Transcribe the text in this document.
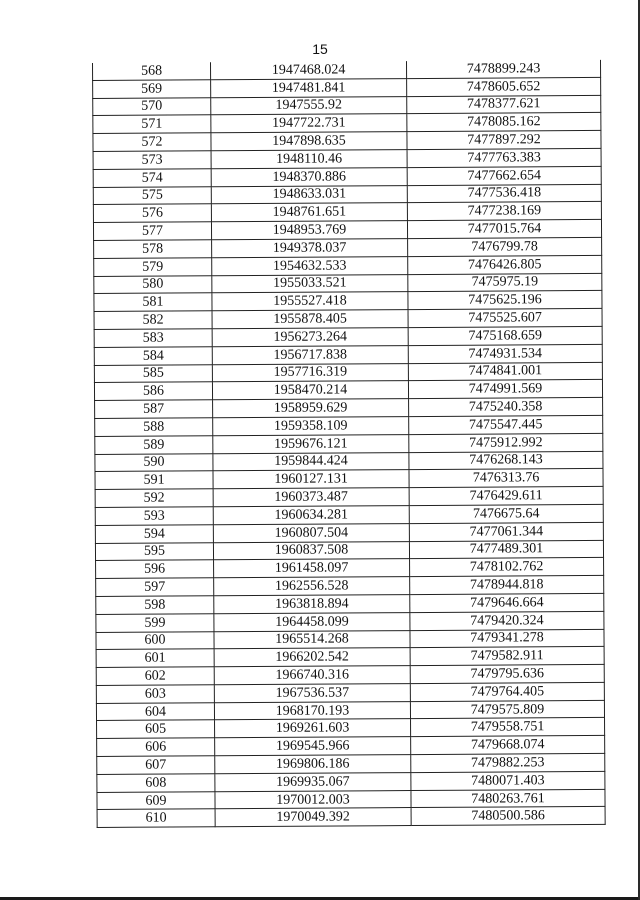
15
568	1947468.024	7478899.243
569	1947481.841	7478605.652
570	1947555.92	7478377.621
571	1947722.731	7478085.162
572	1947898.635	7477897.292
573	1948110.46	7477763.383
574	1948370.886	7477662.654
575	1948633.031	7477536.418
576	1948761.651	7477238.169
577	1948953.769	7477015.764
578	1949378.037	7476799.78
579	1954632.533	7476426.805
580	1955033.521	7475975.19
581	1955527.418	7475625.196
582	1955878.405	7475525.607
583	1956273.264	7475168.659
584	1956717.838	7474931.534
585	1957716.319	7474841.001
586	1958470.214	7474991.569
587	1958959.629	7475240.358
588	1959358.109	7475547.445
589	1959676.121	7475912.992
590	1959844.424	7476268.143
591	1960127.131	7476313.76
592	1960373.487	7476429.611
593	1960634.281	7476675.64
594	1960807.504	7477061.344
595	1960837.508	7477489.301
596	1961458.097	7478102.762
597	1962556.528	7478944.818
598	1963818.894	7479646.664
599	1964458.099	7479420.324
600	1965514.268	7479341.278
601	1966202.542	7479582.911
602	1966740.316	7479795.636
603	1967536.537	7479764.405
604	1968170.193	7479575.809
605	1969261.603	7479558.751
606	1969545.966	7479668.074
607	1969806.186	7479882.253
608	1969935.067	7480071.403
609	1970012.003	7480263.761
610	1970049.392	7480500.586
